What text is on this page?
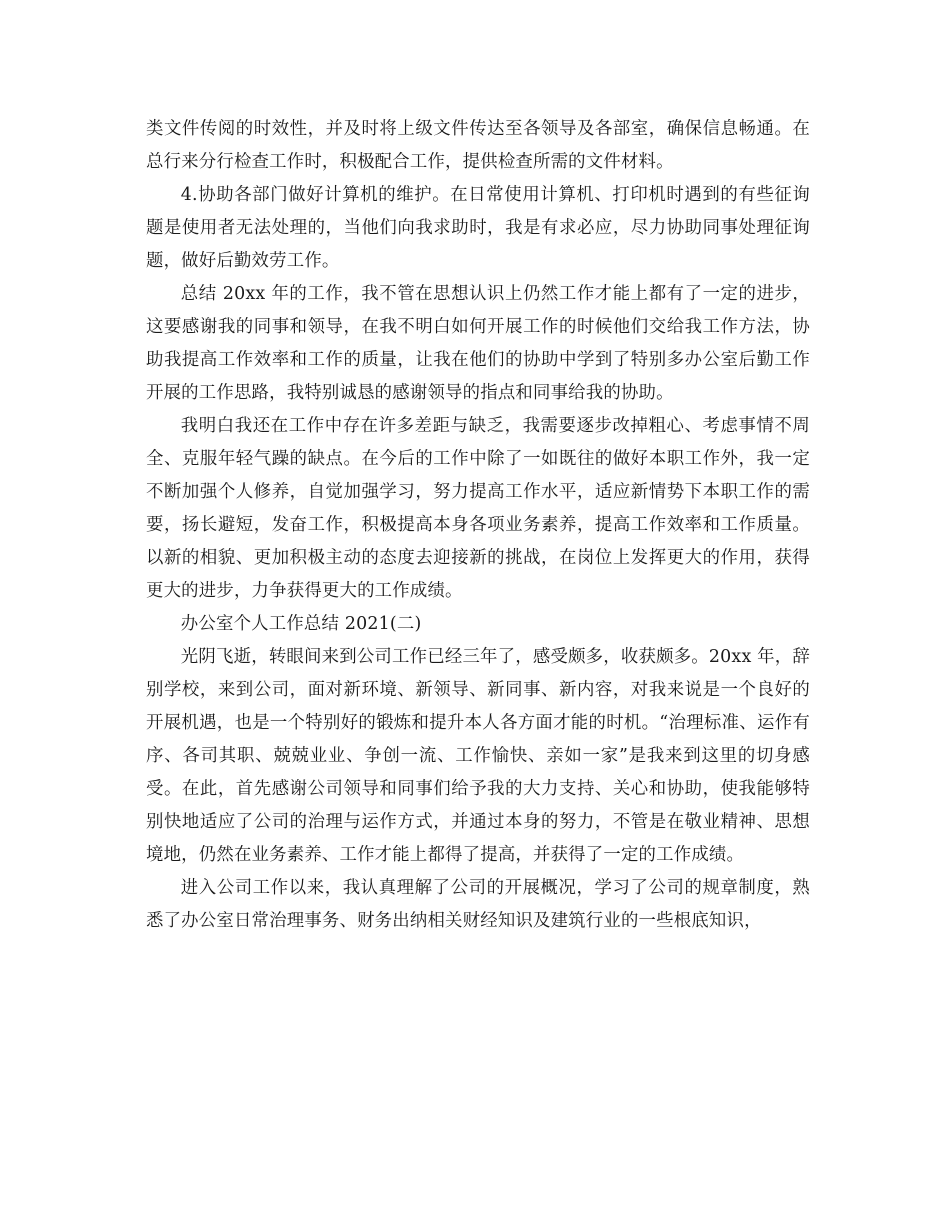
类文件传阅的时效性，并及时将上级文件传达至各领导及各部室，确保信息畅通。在总行来分行检查工作时，积极配合工作，提供检查所需的文件材料。

4.协助各部门做好计算机的维护。在日常使用计算机、打印机时遇到的有些征询题是使用者无法处理的，当他们向我求助时，我是有求必应，尽力协助同事处理征询题，做好后勤效劳工作。

总结 20xx 年的工作，我不管在思想认识上仍然工作才能上都有了一定的进步，这要感谢我的同事和领导，在我不明白如何开展工作的时候他们交给我工作方法，协助我提高工作效率和工作的质量，让我在他们的协助中学到了特别多办公室后勤工作开展的工作思路，我特别诚恳的感谢领导的指点和同事给我的协助。

我明白我还在工作中存在许多差距与缺乏，我需要逐步改掉粗心、考虑事情不周全、克服年轻气躁的缺点。在今后的工作中除了一如既往的做好本职工作外，我一定不断加强个人修养，自觉加强学习，努力提高工作水平，适应新情势下本职工作的需要，扬长避短，发奋工作，积极提高本身各项业务素养，提高工作效率和工作质量。以新的相貌、更加积极主动的态度去迎接新的挑战，在岗位上发挥更大的作用，获得更大的进步，力争获得更大的工作成绩。

办公室个人工作总结 2021(二)

光阴飞逝，转眼间来到公司工作已经三年了，感受颇多，收获颇多。20xx 年，辞别学校，来到公司，面对新环境、新领导、新同事、新内容，对我来说是一个良好的开展机遇，也是一个特别好的锻炼和提升本人各方面才能的时机。“治理标准、运作有序、各司其职、兢兢业业、争创一流、工作愉快、亲如一家”是我来到这里的切身感受。在此，首先感谢公司领导和同事们给予我的大力支持、关心和协助，使我能够特别快地适应了公司的治理与运作方式，并通过本身的努力，不管是在敬业精神、思想境地，仍然在业务素养、工作才能上都得了提高，并获得了一定的工作成绩。

进入公司工作以来，我认真理解了公司的开展概况，学习了公司的规章制度，熟悉了办公室日常治理事务、财务出纳相关财经知识及建筑行业的一些根底知识，
